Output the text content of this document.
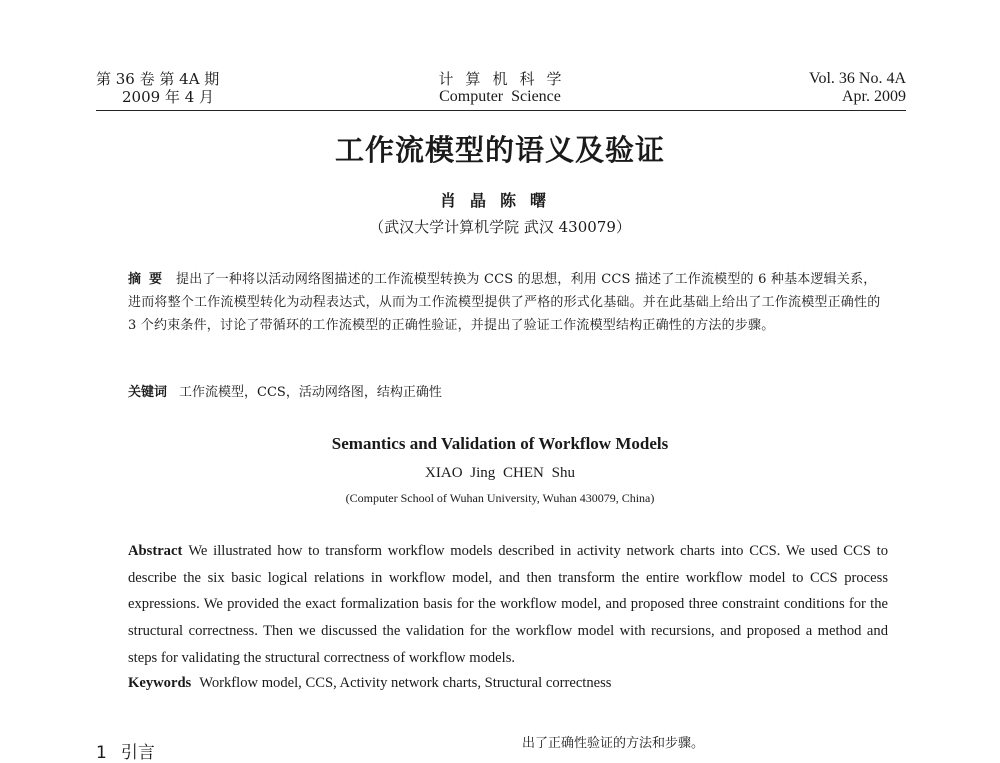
第 36 卷 第 4A 期
2009 年 4 月
计算机科学
Computer Science
Vol. 36 No. 4A
Apr. 2009
工作流模型的语义及验证
肖晶陈曙
（武汉大学计算机学院 武汉 430079）
摘要 提出了一种将以活动网络图描述的工作流模型转换为 CCS 的思想，利用 CCS 描述了工作流模型的 6 种基本逻辑关系，进而将整个工作流模型转化为动程表达式，从而为工作流模型提供了严格的形式化基础。并在此基础上给出了工作流模型正确性的 3 个约束条件，讨论了带循环的工作流模型的正确性验证，并提出了验证工作流模型结构正确性的方法的步骤。
关键词 工作流模型，CCS，活动网络图，结构正确性
Semantics and Validation of Workflow Models
XIAO Jing CHEN Shu
(Computer School of Wuhan University, Wuhan 430079, China)
Abstract We illustrated how to transform workflow models described in activity network charts into CCS. We used CCS to describe the six basic logical relations in workflow model, and then transform the entire workflow model to CCS process expressions. We provided the exact formalization basis for the workflow model, and proposed three constraint conditions for the structural correctness. Then we discussed the validation for the workflow model with recursions, and proposed a method and steps for validating the structural correctness of workflow models.
Keywords Workflow model, CCS, Activity network charts, Structural correctness
1 引言	出了正确性验证的方法和步骤。
